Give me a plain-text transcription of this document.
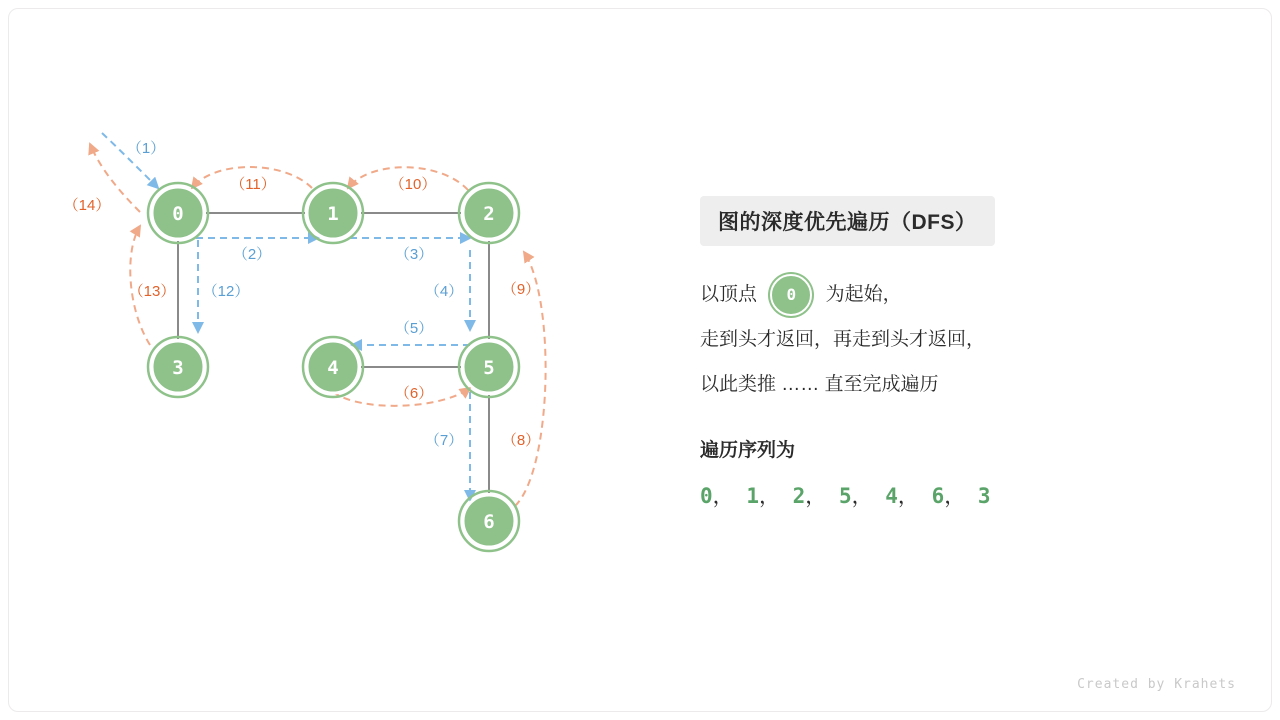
0	1	2
3	4	5
6
（1）
（2）	（3）
（4）
（5）
（6）
（7）	（8）
（9）
（10）
（11）
（12）
（13）
（14）
图的深度优先遍历（DFS）
以顶点 0 为起始，
走到头才返回，再走到头才返回，
以此类推 …… 直至完成遍历
遍历序列为
0， 1， 2， 5， 4， 6， 3
Created by Krahets
